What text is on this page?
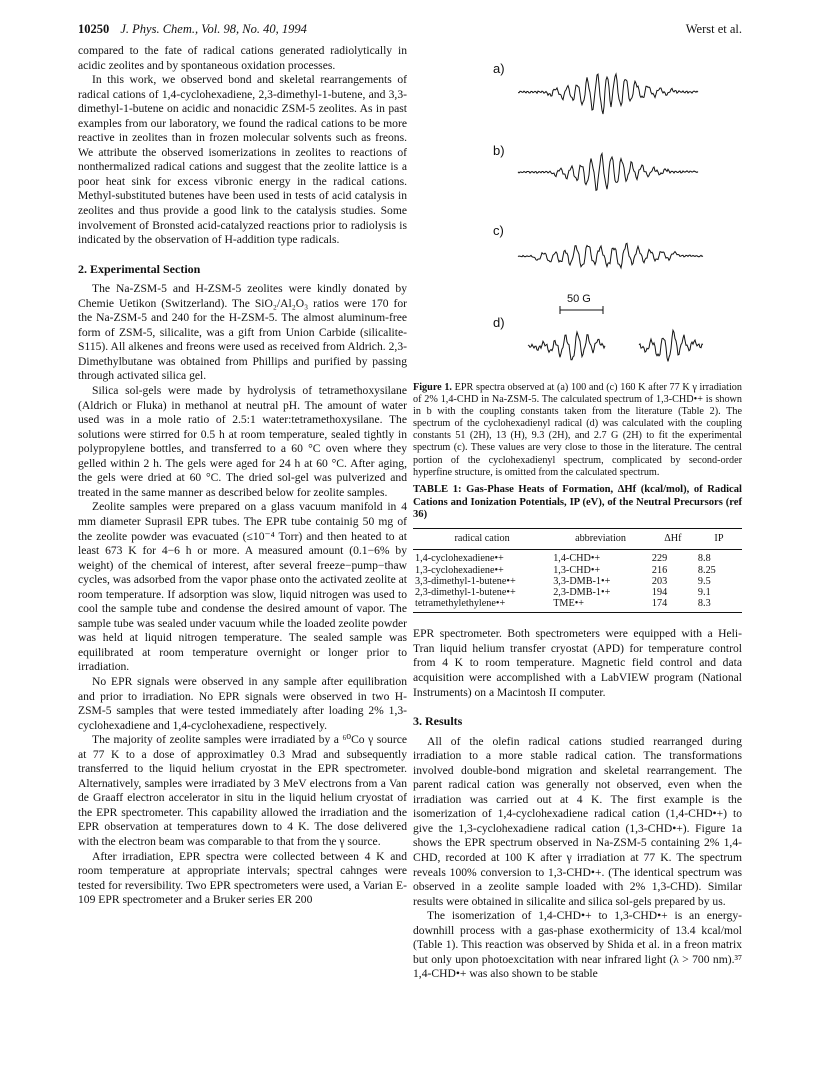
10250 J. Phys. Chem., Vol. 98, No. 40, 1994	Werst et al.

compared to the fate of radical cations generated radiolytically in acidic zeolites and by spontaneous oxidation processes.

In this work, we observed bond and skeletal rearrangements of radical cations of 1,4-cyclohexadiene, 2,3-dimethyl-1-butene, and 3,3-dimethyl-1-butene on acidic and nonacidic ZSM-5 zeolites. As in past examples from our laboratory, we found the radical cations to be more reactive in zeolites than in frozen molecular solvents such as freons. We attribute the observed isomerizations in zeolites to reactions of nonthermalized radical cations and suggest that the zeolite lattice is a poor heat sink for excess vibronic energy in the radical cations. Methyl-substituted butenes have been used in tests of acid catalysis in zeolites and thus provide a good link to the catalysis studies. Some involvement of Bronsted acid-catalyzed reactions prior to radiolysis is indicated by the observation of H-addition type radicals.

2. Experimental Section

The Na-ZSM-5 and H-ZSM-5 zeolites were kindly donated by Chemie Uetikon (Switzerland). The SiO₂/Al₂O₃ ratios were 170 for the Na-ZSM-5 and 240 for the H-ZSM-5. The almost aluminum-free form of ZSM-5, silicalite, was a gift from Union Carbide (silicalite-S115). All alkenes and freons were used as received from Aldrich. 2,3-Dimethylbutane was obtained from Phillips and purified by passing through activated silica gel.

Silica sol-gels were made by hydrolysis of tetramethoxysilane (Aldrich or Fluka) in methanol at neutral pH. The amount of water used was in a mole ratio of 2.5:1 water:tetramethoxysilane. The solutions were stirred for 0.5 h at room temperature, sealed tightly in polypropylene bottles, and transferred to a 60 °C oven where they gelled within 2 h. The gels were aged for 24 h at 60 °C. After aging, the gels were dried at 60 °C. The dried sol-gel was pulverized and treated in the same manner as described below for zeolite samples.

Zeolite samples were prepared on a glass vacuum manifold in 4 mm diameter Suprasil EPR tubes. The EPR tube containig 50 mg of the zeolite powder was evacuated (≤10⁻⁴ Torr) and then heated to at least 673 K for 4−6 h or more. A measured amount (0.1−6% by weight) of the chemical of interest, after several freeze−pump−thaw cycles, was adsorbed from the vapor phase onto the activated zeolite at room temperature. If adsorption was slow, liquid nitrogen was used to cool the sample tube and condense the desired amount of vapor. The sample tube was sealed under vacuum while the loaded zeolite powder was held at liquid nitrogen temperature. The sealed sample was equilibrated at room temperature overnight or longer prior to irradiation.

No EPR signals were observed in any sample after equilibration and prior to irradiation. No EPR signals were observed in two H-ZSM-5 samples that were tested immediately after loading 2% 1,3-cyclohexadiene and 1,4-cyclohexadiene, respectively.

The majority of zeolite samples were irradiated by a ⁶⁰Co γ source at 77 K to a dose of approximatley 0.3 Mrad and subsequently transferred to the liquid helium cryostat in the EPR spectrometer. Alternatively, samples were irradiated by 3 MeV electrons from a Van de Graaff electron accelerator in situ in the liquid helium cryostat of the EPR spectrometer. This capability allowed the irradiation and the EPR observation at temperatures down to 4 K. The dose delivered with the electron beam was comparable to that from the γ source.

After irradiation, EPR spectra were collected between 4 K and room temperature at appropriate intervals; spectral cahnges were tested for reversibility. Two EPR spectrometers were used, a Varian E-109 EPR spectrometer and a Bruker series ER 200

a)
b)
c)
d)
50 G
Figure 1. EPR spectra observed at (a) 100 and (c) 160 K after 77 K γ irradiation of 2% 1,4-CHD in Na-ZSM-5. The calculated spectrum of 1,3-CHD•+ is shown in b with the coupling constants taken from the literature (Table 2). The spectrum of the cyclohexadienyl radical (d) was calculated with the coupling constants 51 (2H), 13 (H), 9.3 (2H), and 2.7 G (2H) to fit the experimental spectrum (c). These values are very close to those in the literature. The central portion of the cyclohexadienyl spectrum, complicated by second-order hyperfine structure, is omitted from the calculated spectrum.
TABLE 1: Gas-Phase Heats of Formation, ΔHf (kcal/mol), of Radical Cations and Ionization Potentials, IP (eV), of the Neutral Precursors (ref 36)
radical cation	abbreviation	ΔHf	IP
1,4-cyclohexadiene•+	1,4-CHD•+	229	8.8
1,3-cyclohexadiene•+	1,3-CHD•+	216	8.25
3,3-dimethyl-1-butene•+	3,3-DMB-1•+	203	9.5
2,3-dimethyl-1-butene•+	2,3-DMB-1•+	194	9.1
tetramethylethylene•+	TME•+	174	8.3

EPR spectrometer. Both spectrometers were equipped with a Heli-Tran liquid helium transfer cryostat (APD) for temperature control from 4 K to room temperature. Magnetic field control and data acquisition were accomplished with a LabVIEW program (National Instruments) on a Macintosh II computer.

3. Results

All of the olefin radical cations studied rearranged during irradiation to a more stable radical cation. The transformations involved double-bond migration and skeletal rearrangement. The parent radical cation was generally not observed, even when the irradiation was carried out at 4 K. The first example is the isomerization of 1,4-cyclohexadiene radical cation (1,4-CHD•+) to give the 1,3-cyclohexadiene radical cation (1,3-CHD•+). Figure 1a shows the EPR spectrum observed in Na-ZSM-5 containing 2% 1,4-CHD, recorded at 100 K after γ irradiation at 77 K. The spectrum reveals 100% conversion to 1,3-CHD•+. (The identical spectrum was observed in a zeolite sample loaded with 2% 1,3-CHD). Similar results were obtained in silicalite and silica sol-gels prepared by us.

The isomerization of 1,4-CHD•+ to 1,3-CHD•+ is an energy-downhill process with a gas-phase exothermicity of 13.4 kcal/mol (Table 1). This reaction was observed by Shida et al. in a freon matrix but only upon photoexcitation with near infrared light (λ > 700 nm).³⁷ 1,4-CHD•+ was also shown to be stable
